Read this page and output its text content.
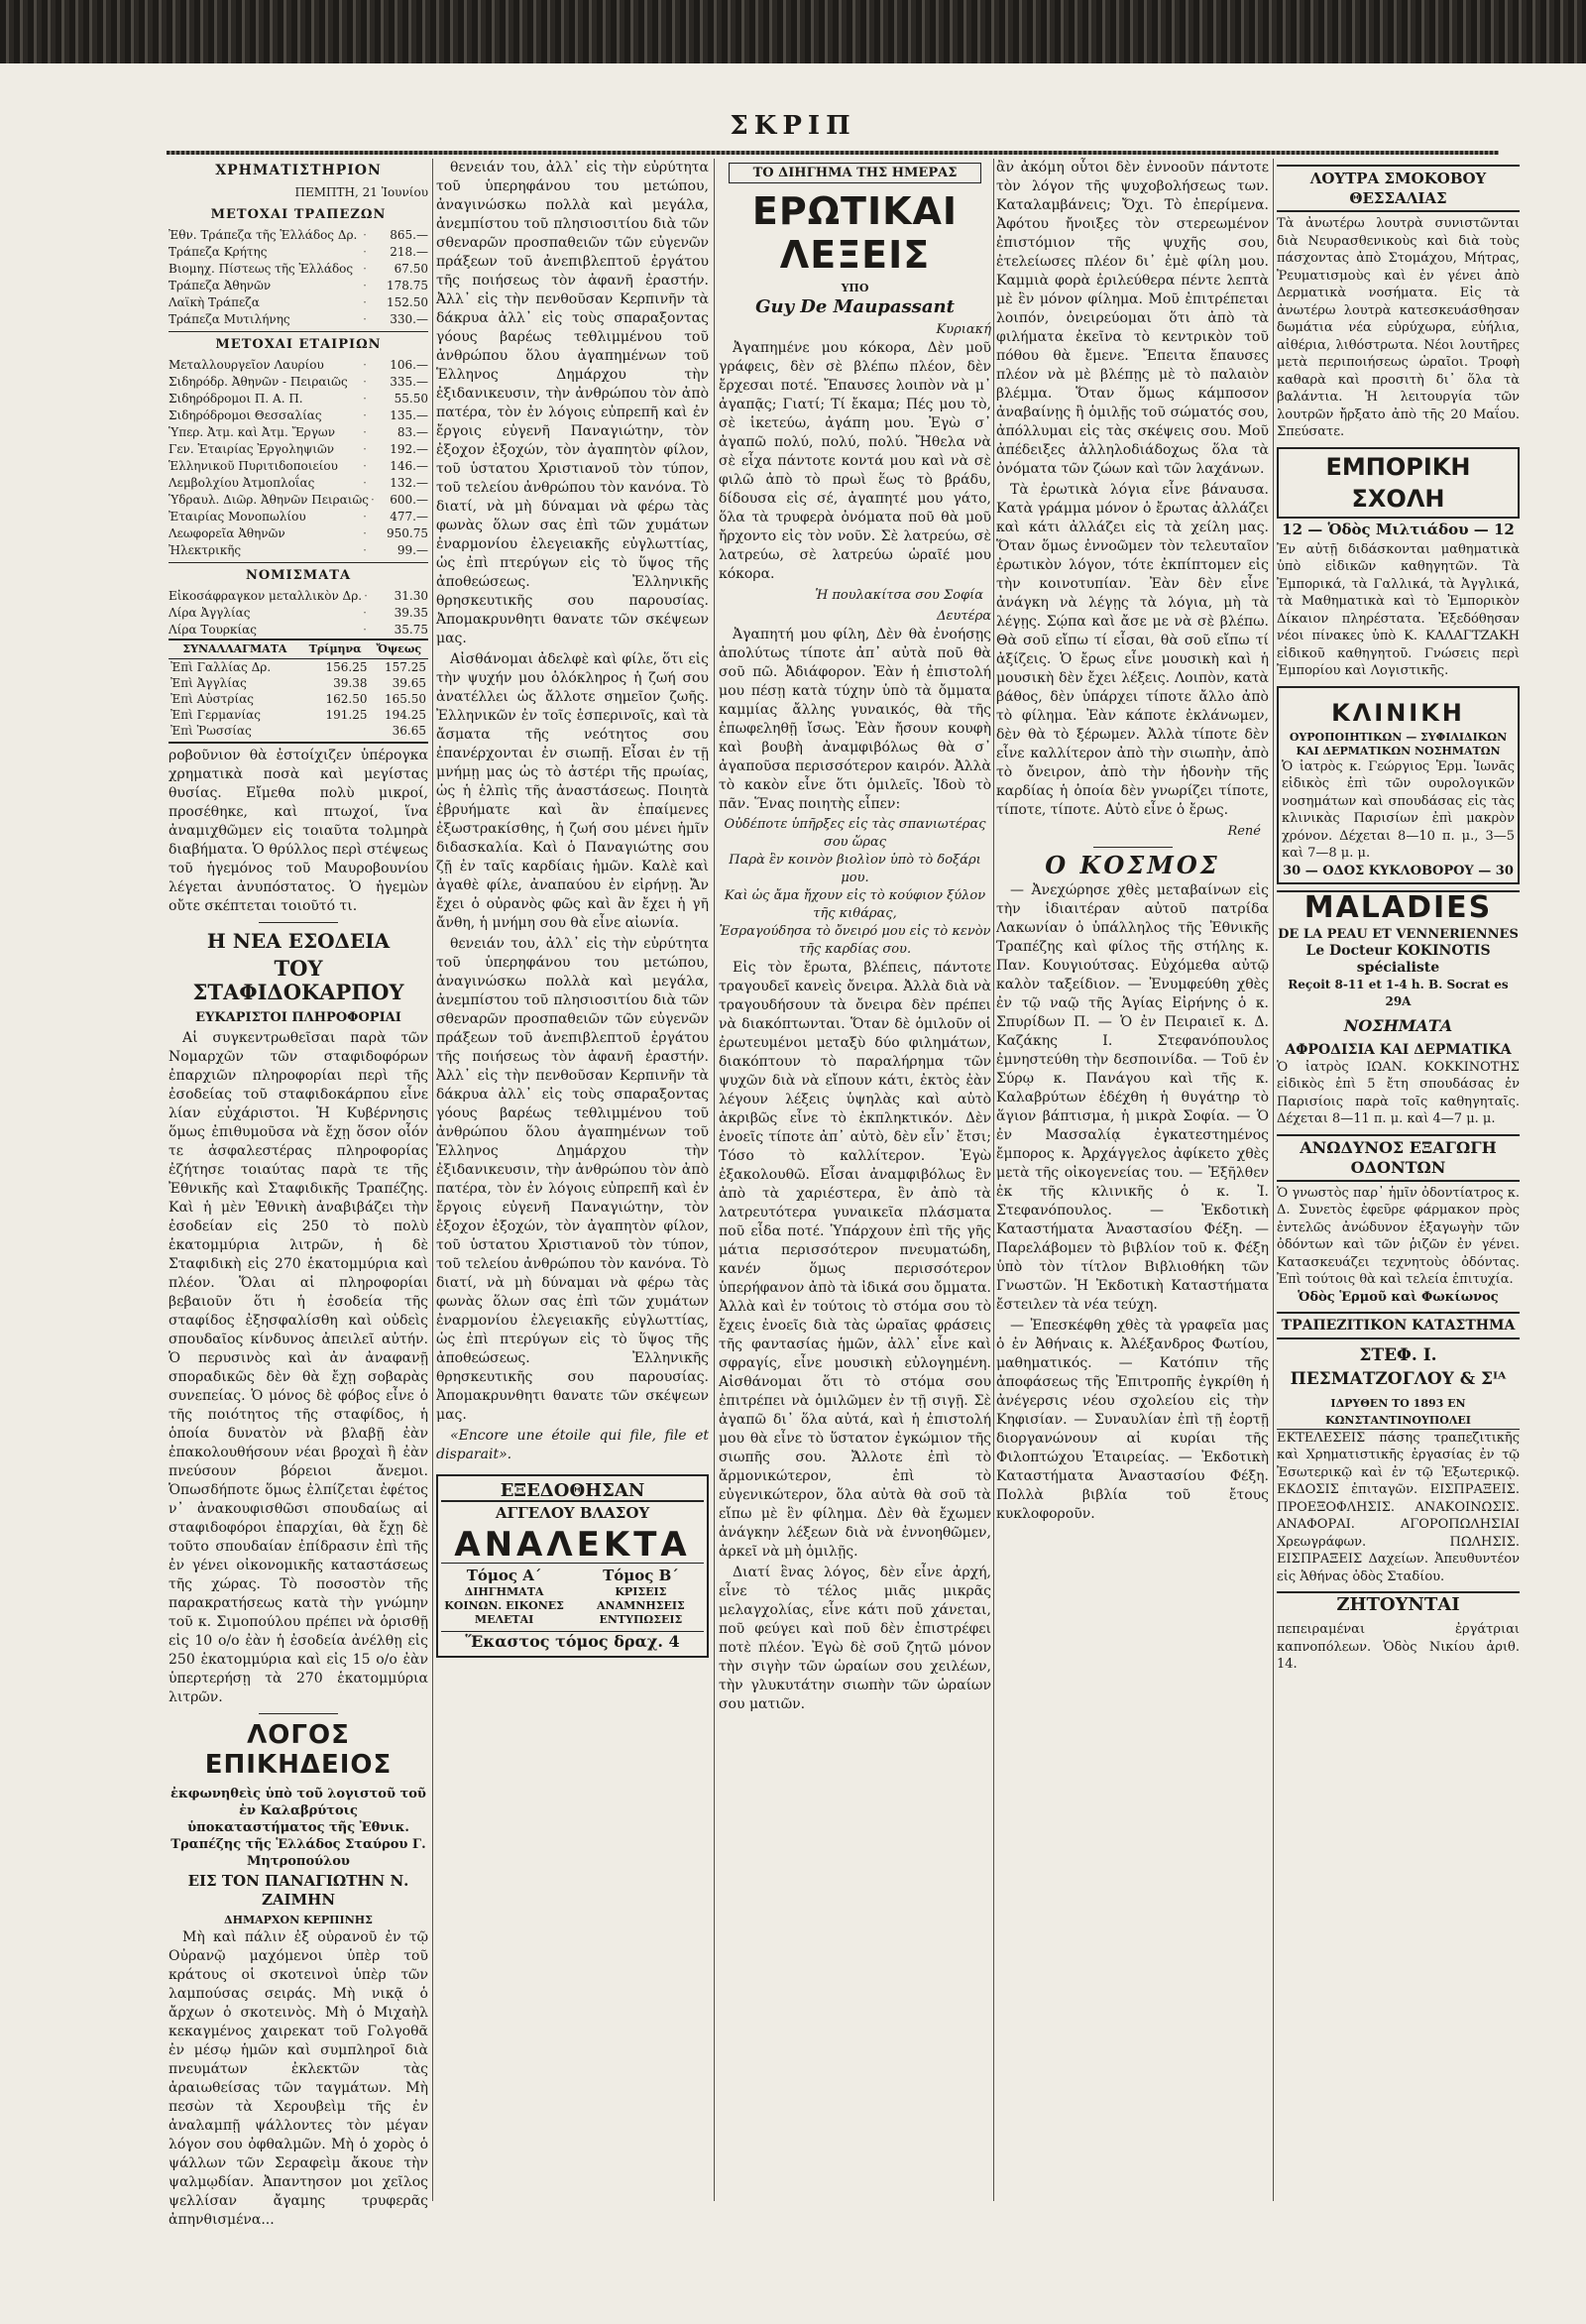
ΣΚΡΙΠ
ΧΡΗΜΑΤΙΣΤΗΡΙΟΝ
ΠΕΜΠΤΗ, 21 Ἰουνίου
ΜΕΤΟΧΑΙ ΤΡΑΠΕΖΩΝ
Ἐθν. Τράπεζα τῆς Ἑλλάδος Δρ. ·	865.—
Τράπεζα Κρήτης	·	218.—
Βιομηχ. Πίστεως τῆς Ἑλλάδος ·	67.50
Τράπεζα Ἀθηνῶν	·	178.75
Λαϊκὴ Τράπεζα	·	152.50
Τράπεζα Μυτιλήνης	·	330.—
ΜΕΤΟΧΑΙ ΕΤΑΙΡΙΩΝ
Μεταλλουργεῖον Λαυρίου	·	106.—
Σιδηρόδρ. Ἀθηνῶν - Πειραιῶς	·	335.—
Σιδηρόδρομοι Π. Α. Π.	·	55.50
Σιδηρόδρομοι Θεσσαλίας	·	135.—
Ὑπερ. Ἀτμ. καὶ Ἀτμ. Ἔργων	·	83.—
Γεν. Ἑταιρίας Ἐργοληψιῶν	·	192.—
Ἑλληνικοῦ Πυριτιδοποιείου	·	146.—
Λεμβολχίου Ἀτμοπλοΐας	·	132.—
Ὑδραυλ. Διῶρ. Ἀθηνῶν Πειραιῶς ·	600.—
Ἐταιρίας Μονοπωλίου	·	477.—
Λεωφορεῖα Ἀθηνῶν	·	950.75
Ἠλεκτρικῆς	·	99.—
ΝΟΜΙΣΜΑΤΑ
Εἰκοσάφραγκον μεταλλικὸν Δρ. ·	31.30
Λίρα Ἀγγλίας	·	39.35
Λίρα Τουρκίας	·	35.75
ΣΥΝΑΛΛΑΓΜΑΤΑ	Τρίμηνα	Ὄψεως
Ἐπὶ Γαλλίας Δρ.	156.25	157.25
Ἐπὶ Ἀγγλίας	39.38	39.65
Ἐπὶ Αὐστρίας	162.50	165.50
Ἐπὶ Γερμανίας	191.25	194.25
Ἐπὶ Ῥωσσίας		36.65
ροβοῦνιον θὰ ἐστοίχιζεν ὑπέρογκα χρηματικὰ ποσὰ καὶ μεγίστας θυσίας. Εἴμεθα πολὺ μικροί, προσέθηκε, καὶ πτωχοί, ἵνα ἀναμιχθῶμεν εἰς τοιαῦτα τολμηρὰ διαβήματα. Ὁ θρύλλος περὶ στέψεως τοῦ ἡγεμόνος τοῦ Μαυροβουνίου λέγεται ἀνυπόστατος. Ὁ ἡγεμὼν οὔτε σκέπτεται τοιοῦτό τι.
Η ΝΕΑ ΕΣΟΔΕΙΑ
ΤΟΥ ΣΤΑΦΙΔΟΚΑΡΠΟΥ
ΕΥΚΑΡΙΣΤΟΙ ΠΛΗΡΟΦΟΡΙΑΙ
Αἱ συγκεντρωθεῖσαι παρὰ τῶν Νομαρχῶν τῶν σταφιδοφόρων ἐπαρχιῶν πληροφορίαι περὶ τῆς ἐσοδείας τοῦ σταφιδοκάρπου εἶνε λίαν εὐχάριστοι. Ἡ Κυβέρνησις ὅμως ἐπιθυμοῦσα νὰ ἔχῃ ὅσον οἷόν τε ἀσφαλεστέρας πληροφορίας ἐζήτησε τοιαύτας παρὰ τε τῆς Ἐθνικῆς καὶ Σταφιδικῆς Τραπέζης. Καὶ ἡ μὲν Ἐθνικὴ ἀναβιβάζει τὴν ἐσοδείαν εἰς 250 τὸ πολὺ ἑκατομμύρια λιτρῶν, ἡ δὲ Σταφιδικὴ εἰς 270 ἑκατομμύρια καὶ πλέον. Ὅλαι αἱ πληροφορίαι βεβαιοῦν ὅτι ἡ ἐσοδεία τῆς σταφίδος ἐξησφαλίσθη καὶ οὐδεὶς σπουδαῖος κίνδυνος ἀπειλεῖ αὐτήν. Ὁ περυσινὸς καὶ ἀν ἀναφανῇ σποραδικῶς δὲν θὰ ἔχῃ σοβαρὰς συνεπείας. Ὁ μόνος δὲ φόβος εἶνε ὁ τῆς ποιότητος τῆς σταφίδος, ἡ ὁποία δυνατὸν νὰ βλαβῇ ἐὰν ἐπακολουθήσουν νέαι βροχαὶ ἢ ἐὰν πνεύσουν βόρειοι ἄνεμοι. Ὁπωσδήποτε ὅμως ἐλπίζεται ἐφέτος ν᾿ ἀνακουφισθῶσι σπουδαίως αἱ σταφιδοφόροι ἐπαρχίαι, θὰ ἔχῃ δὲ τοῦτο σπουδαίαν ἐπίδρασιν ἐπὶ τῆς ἐν γένει οἰκονομικῆς καταστάσεως τῆς χώρας. Τὸ ποσοστὸν τῆς παρακρατήσεως κατὰ τὴν γνώμην τοῦ κ. Σιμοπούλου πρέπει νὰ ὁρισθῇ εἰς 10 ο/ο ἐὰν ἡ ἐσοδεία ἀνέλθῃ εἰς 250 ἑκατομμύρια καὶ εἰς 15 ο/ο ἐὰν ὑπερτερήσῃ τὰ 270 ἑκατομμύρια λιτρῶν.
ΛΟΓΟΣ ΕΠΙΚΗΔΕΙΟΣ
ἐκφωνηθεὶς ὑπὸ τοῦ λογιστοῦ τοῦ ἐν Καλαβρύτοις ὑποκαταστήματος τῆς Ἐθνικ. Τραπέζης τῆς Ἑλλάδος Σταύρου Γ. Μητροπούλου
ΕΙΣ ΤΟΝ ΠΑΝΑΓΙΩΤΗΝ Ν. ΖΑΙΜΗΝ
ΔΗΜΑΡΧΟΝ ΚΕΡΠΙΝΗΣ
Μὴ καὶ πάλιν ἐξ οὐρανοῦ ἐν τῷ Οὐρανῷ μαχόμενοι ὑπὲρ τοῦ κράτους οἱ σκοτεινοὶ ὑπὲρ τῶν λαμπούσας σειράς. Μὴ νικᾷ ὁ ἄρχων ὁ σκοτεινὸς. Μὴ ὁ Μιχαὴλ κεκαγμένος χαιρεκατ τοῦ Γολγοθᾶ ἐν μέσῳ ἡμῶν καὶ συμπληροῖ διὰ πνευμάτων ἐκλεκτῶν τὰς ἀραιωθείσας τῶν ταγμάτων. Μὴ πεσὼν τὰ Χερουβεὶμ τῆς ἐν ἀναλαμπῇ ψάλλοντες τὸν μέγαν λόγον σου ὀφθαλμῶν. Μὴ ὁ χορὸς ὁ ψάλλων τῶν Σεραφεὶμ ἄκουε τὴν ψαλμῳδίαν. Ἀπαντησον μοι χεῖλος ψελλίσαν ἄγαμης τρυφερᾶς ἀπηνθισμένα...
θενειάν του, ἀλλ᾿ εἰς τὴν εὐρύτητα τοῦ ὑπερηφάνου του μετώπου, ἀναγινώσκω πολλὰ καὶ μεγάλα, ἀνεμπίστου τοῦ πλησιοσιτίου διὰ τῶν σθεναρῶν προσπαθειῶν τῶν εὐγενῶν πράξεων τοῦ ἀνεπιβλεπτοῦ ἐργάτου τῆς ποιήσεως τὸν ἀφανῆ ἐραστήν. Ἀλλ᾿ εἰς τὴν πενθοῦσαν Κερπινῆν τὰ δάκρυα ἀλλ᾿ εἰς τοὺς σπαραξοντας γόους βαρέως τεθλιμμένου τοῦ ἀνθρώπου ὅλου ἀγαπημένων τοῦ Ἑλληνος Δημάρχου τὴν ἐξιδανικευσιν, τὴν ἀνθρώπου τὸν ἀπὸ πατέρα, τὸν ἐν λόγοις εὐπρεπῆ καὶ ἐν ἔργοις εὐγενῆ Παναγιώτην, τὸν ἐξοχον ἐξοχών, τὸν ἀγαπητὸν φίλον, τοῦ ὑστατου Χριστιανοῦ τὸν τύπον, τοῦ τελείου ἀνθρώπου τὸν κανόνα. Τὸ διατί, νὰ μὴ δύναμαι νὰ φέρω τὰς φωνὰς ὅλων σας ἐπὶ τῶν χυμάτων ἐναρμονίου ἐλεγειακῆς εὐγλωττίας, ὡς ἐπὶ πτερύγων εἰς τὸ ὕψος τῆς ἀποθεώσεως. Ἐλληνικῆς θρησκευτικῆς σου παρουσίας. Ἀπομακρυνθητι θανατε τῶν σκέψεων μας.
Αἰσθάνομαι ἀδελφὲ καὶ φίλε, ὅτι εἰς τὴν ψυχήν μου ὁλόκληρος ἡ ζωή σου ἀνατέλλει ὡς ἄλλοτε σημεῖον ζωῆς. Ἐλληνικῶν ἐν τοῖς ἑσπερινοῖς, καὶ τὰ ἄσματα τῆς νεότητος σου ἐπανέρχονται ἐν σιωπῇ. Εἶσαι ἐν τῇ μνήμῃ μας ὡς τὸ ἀστέρι τῆς πρωίας, ὡς ἡ ἐλπὶς τῆς ἀναστάσεως. Ποιητὰ ἐβρυήματε καὶ ἂν ἐπαίμενες ἐξωστρακίσθης, ἡ ζωή σου μένει ἡμῖν διδασκαλία. Καὶ ὁ Παναγιώτης σου ζῇ ἐν ταῖς καρδίαις ἡμῶν. Καλὲ καὶ ἀγαθὲ φίλε, ἀναπαύου ἐν εἰρήνῃ. Ἄν ἔχει ὁ οὐρανὸς φῶς καὶ ἂν ἔχει ἡ γῆ ἄνθη, ἡ μνήμη σου θὰ εἶνε αἰωνία.
θενειάν του, ἀλλ᾿ εἰς τὴν εὐρύτητα τοῦ ὑπερηφάνου του μετώπου, ἀναγινώσκω πολλὰ καὶ μεγάλα, ἀνεμπίστου τοῦ πλησιοσιτίου διὰ τῶν σθεναρῶν προσπαθειῶν τῶν εὐγενῶν πράξεων τοῦ ἀνεπιβλεπτοῦ ἐργάτου τῆς ποιήσεως τὸν ἀφανῆ ἐραστήν. Ἀλλ᾿ εἰς τὴν πενθοῦσαν Κερπινῆν τὰ δάκρυα ἀλλ᾿ εἰς τοὺς σπαραξοντας γόους βαρέως τεθλιμμένου τοῦ ἀνθρώπου ὅλου ἀγαπημένων τοῦ Ἑλληνος Δημάρχου τὴν ἐξιδανικευσιν, τὴν ἀνθρώπου τὸν ἀπὸ πατέρα, τὸν ἐν λόγοις εὐπρεπῆ καὶ ἐν ἔργοις εὐγενῆ Παναγιώτην, τὸν ἐξοχον ἐξοχών, τὸν ἀγαπητὸν φίλον, τοῦ ὑστατου Χριστιανοῦ τὸν τύπον, τοῦ τελείου ἀνθρώπου τὸν κανόνα. Τὸ διατί, νὰ μὴ δύναμαι νὰ φέρω τὰς φωνὰς ὅλων σας ἐπὶ τῶν χυμάτων ἐναρμονίου ἐλεγειακῆς εὐγλωττίας, ὡς ἐπὶ πτερύγων εἰς τὸ ὕψος τῆς ἀποθεώσεως. Ἐλληνικῆς θρησκευτικῆς σου παρουσίας. Ἀπομακρυνθητι θανατε τῶν σκέψεων μας.
«Encore une étoile qui file, file et disparait».
ΕΞΕΔΟΘΗΣΑΝ
ΑΓΓΕΛΟΥ ΒΛΑΣΟΥ
ΑΝΑΛΕΚΤΑ
Τόμος Α΄
ΔΙΗΓΗΜΑΤΑ ΚΟΙΝΩΝ. ΕΙΚΟΝΕΣ ΜΕΛΕΤΑΙ
Τόμος Β΄
ΚΡΙΣΕΙΣ ΑΝΑΜΝΗΣΕΙΣ ΕΝΤΥΠΩΣΕΙΣ
Ἕκαστος τόμος δραχ. 4
ΤΟ ΔΙΗΓΗΜΑ ΤΗΣ ΗΜΕΡΑΣ
ΕΡΩΤΙΚΑΙ ΛΕΞΕΙΣ
ΥΠΟ
Guy De Maupassant
Κυριακή
Ἀγαπημένε μου κόκορα, Δὲν μοῦ γράφεις, δὲν σὲ βλέπω πλέον, δὲν ἔρχεσαι ποτέ. Ἔπαυσες λοιπὸν νὰ μ᾿ ἀγαπᾷς; Γιατί; Τί ἔκαμα; Πές μου τὸ, σὲ ἱκετεύω, ἀγάπη μου. Ἐγὼ σ᾿ ἀγαπῶ πολύ, πολύ, πολύ. Ἤθελα νὰ σὲ εἶχα πάντοτε κοντά μου καὶ νὰ σὲ φιλῶ ἀπὸ τὸ πρωὶ ἕως τὸ βράδυ, δίδουσα εἰς σέ, ἀγαπητέ μου γάτο, ὅλα τὰ τρυφερὰ ὀνόματα ποῦ θὰ μοῦ ἤρχοντο εἰς τὸν νοῦν. Σὲ λατρεύω, σὲ λατρεύω, σὲ λατρεύω ὡραῖέ μου κόκορα.
Ἡ πουλακίτσα σου Σοφία
Δευτέρα
Ἀγαπητή μου φίλη, Δὲν θὰ ἐνοήσῃς ἀπολύτως τίποτε ἀπ᾿ αὐτὰ ποῦ θὰ σοῦ πῶ. Ἀδιάφορον. Ἐὰν ἡ ἐπιστολή μου πέσῃ κατὰ τύχην ὑπὸ τὰ ὄμματα καμμίας ἄλλης γυναικός, θὰ τῆς ἐπωφεληθῇ ἴσως. Ἐὰν ἤσουν κουφὴ καὶ βουβὴ ἀναμφιβόλως θὰ σ᾿ ἀγαποῦσα περισσότερον καιρόν. Ἀλλὰ τὸ κακὸν εἶνε ὅτι ὁμιλεῖς. Ἰδοὺ τὸ πᾶν. Ἕνας ποιητὴς εἶπεν:
Οὐδέποτε ὑπῆρξες εἰς τὰς σπανιωτέρας σου ὥρας
Παρὰ ἓν κοινὸν βιολὶον ὑπὸ τὸ δοξάρι μου.
Καὶ ὡς ἄμα ἤχουν εἰς τὸ κούφιον ξύλον τῆς κιθάρας,
Ἐσραγούδησα τὸ ὄνειρό μου εἰς τὸ κενὸν τῆς καρδίας σου.
Εἰς τὸν ἔρωτα, βλέπεις, πάντοτε τραγουδεῖ κανεὶς ὄνειρα. Ἀλλὰ διὰ νὰ τραγουδήσουν τὰ ὄνειρα δὲν πρέπει νὰ διακόπτωνται. Ὅταν δὲ ὁμιλοῦν οἱ ἐρωτευμένοι μεταξὺ δύο φιλημάτων, διακόπτουν τὸ παραλήρημα τῶν ψυχῶν διὰ νὰ εἴπουν κάτι, ἐκτὸς ἐὰν λέγουν λέξεις ὑψηλὰς καὶ αὐτὸ ἀκριβῶς εἶνε τὸ ἐκπληκτικόν. Δὲν ἐνοεῖς τίποτε ἀπ᾿ αὐτὸ, δὲν εἶν᾿ ἔτσι; Τόσο τὸ καλλίτερον. Ἐγὼ ἐξακολουθῶ. Εἶσαι ἀναμφιβόλως ἓν ἀπὸ τὰ χαριέστερα, ἓν ἀπὸ τὰ λατρευτότερα γυναικεῖα πλάσματα ποῦ εἶδα ποτέ. Ὑπάρχουν ἐπὶ τῆς γῆς μάτια περισσότερον πνευματώδη, κανέν ὅμως περισσότερον ὑπερήφανον ἀπὸ τὰ ἰδικά σου ὄμματα. Ἀλλὰ καὶ ἐν τούτοις τὸ στόμα σου τὸ ἔχεις ἐνοεῖς διὰ τὰς ὡραῖας φράσεις τῆς φαντασίας ἡμῶν, ἀλλ᾿ εἶνε καὶ σφραγίς, εἶνε μουσικὴ εὐλογημένη. Αἰσθάνομαι ὅτι τὸ στόμα σου ἐπιτρέπει νὰ ὁμιλῶμεν ἐν τῇ σιγῇ. Σὲ ἀγαπῶ δι᾿ ὅλα αὐτά, καὶ ἡ ἐπιστολή μου θὰ εἶνε τὸ ὕστατον ἐγκώμιον τῆς σιωπῆς σου. Ἄλλοτε ἐπὶ τὸ ἄρμονικώτερον, ἐπὶ τὸ εὐγενικώτερον, ὅλα αὐτὰ θὰ σοῦ τὰ εἴπω μὲ ἓν φίλημα. Δὲν θὰ ἔχωμεν ἀνάγκην λέξεων διὰ νὰ ἐννοηθῶμεν, ἀρκεῖ νὰ μὴ ὁμιλῇς.
Διατί ἓνας λόγος, δὲν εἶνε ἀρχή, εἶνε τὸ τέλος μιᾶς μικρᾶς μελαγχολίας, εἶνε κάτι ποῦ χάνεται, ποῦ φεύγει καὶ ποῦ δὲν ἐπιστρέφει ποτὲ πλέον. Ἐγὼ δὲ σοῦ ζητῶ μόνον τὴν σιγὴν τῶν ὡραίων σου χειλέων, τὴν γλυκυτάτην σιωπὴν τῶν ὡραίων σου ματιῶν.
ἂν ἀκόμη οὗτοι δὲν ἐννοοῦν πάντοτε τὸν λόγον τῆς ψυχοβολήσεως των. Καταλαμβάνεις; Ὄχι. Τὸ ἐπερίμενα. Ἀφότου ἤνοιξες τὸν στερεωμένον ἐπιστόμιον τῆς ψυχῆς σου, ἐτελείωσες πλέον δι᾿ ἐμὲ φίλη μου. Καμμιὰ φορὰ ἐριλεύθερα πέντε λεπτὰ μὲ ἓν μόνον φίλημα. Μοῦ ἐπιτρέπεται λοιπόν, ὀνειρεύομαι ὅτι ἀπὸ τὰ φιλήματα ἐκεῖνα τὸ κεντρικὸν τοῦ πόθου θὰ ἔμενε. Ἔπειτα ἔπαυσες πλέον νὰ μὲ βλέπῃς μὲ τὸ παλαιὸν βλέμμα. Ὅταν ὅμως κάμποσον ἀναβαίνῃς ἢ ὁμιλῇς τοῦ σώματός σου, ἀπόλλυμαι εἰς τὰς σκέψεις σου. Μοῦ ἀπέδειξες ἀλληλοδιάδοχως ὅλα τὰ ὀνόματα τῶν ζώων καὶ τῶν λαχάνων.
Τὰ ἐρωτικὰ λόγια εἶνε βάναυσα. Κατὰ γράμμα μόνον ὁ ἔρωτας ἀλλάζει καὶ κάτι ἀλλάζει εἰς τὰ χείλη μας. Ὅταν ὅμως ἐννοῶμεν τὸν τελευταῖον ἐρωτικὸν λόγον, τότε ἐκπίπτομεν εἰς τὴν κοινοτυπίαν. Ἐὰν δὲν εἶνε ἀνάγκη νὰ λέγῃς τὰ λόγια, μὴ τὰ λέγῃς. Σῴπα καὶ ἄσε με νὰ σὲ βλέπω. Θὰ σοῦ εἴπω τί εἶσαι, θὰ σοῦ εἴπω τί ἀξίζεις. Ὁ ἔρως εἶνε μουσικὴ καὶ ἡ μουσικὴ δὲν ἔχει λέξεις. Λοιπὸν, κατὰ βάθος, δὲν ὑπάρχει τίποτε ἄλλο ἀπὸ τὸ φίλημα. Ἐὰν κάποτε ἐκλάνωμεν, δὲν θὰ τὸ ξέρωμεν. Ἀλλὰ τίποτε δὲν εἶνε καλλίτερον ἀπὸ τὴν σιωπὴν, ἀπὸ τὸ ὄνειρον, ἀπὸ τὴν ἡδονὴν τῆς καρδίας ἡ ὁποία δὲν γνωρίζει τίποτε, τίποτε, τίποτε. Αὐτὸ εἶνε ὁ ἔρως.
René
Ο ΚΟΣΜΟΣ
— Ἀνεχώρησε χθὲς μεταβαίνων εἰς τὴν ἰδιαιτέραν αὐτοῦ πατρίδα Λακωνίαν ὁ ὑπάλληλος τῆς Ἐθνικῆς Τραπέζης καὶ φίλος τῆς στήλης κ. Παν. Κουγιούτσας. Εὐχόμεθα αὐτῷ καλὸν ταξείδιον. — Ἐνυμφεύθη χθὲς ἐν τῷ ναῷ τῆς Ἁγίας Εἰρήνης ὁ κ. Σπυρίδων Π. — Ὁ ἐν Πειραιεῖ κ. Δ. Καζάκης Ι. Στεφανόπουλος ἐμνηστεύθη τὴν δεσποινίδα. — Τοῦ ἐν Σύρῳ κ. Πανάγου καὶ τῆς κ. Καλαβρύτων ἐδέχθη ἡ θυγάτηρ τὸ ἅγιον βάπτισμα, ἡ μικρὰ Σοφία. — Ὁ ἐν Μασσαλίᾳ ἐγκατεστημένος ἔμπορος κ. Ἀρχάγγελος ἀφίκετο χθὲς μετὰ τῆς οἰκογενείας του. — Ἐξῆλθεν ἐκ τῆς κλινικῆς ὁ κ. Ἰ. Στεφανόπουλος. — Ἐκδοτικὴ Καταστήματα Ἀναστασίου Φέξη. — Παρελάβομεν τὸ βιβλίον τοῦ κ. Φέξη ὑπὸ τὸν τίτλον Βιβλιοθήκη τῶν Γνωστῶν. Ἡ Ἐκδοτικὴ Καταστήματα ἔστειλεν τὰ νέα τεύχη.
— Ἐπεσκέφθη χθὲς τὰ γραφεῖα μας ὁ ἐν Ἀθήναις κ. Ἀλέξανδρος Φωτίου, μαθηματικός. — Κατόπιν τῆς ἀποφάσεως τῆς Ἐπιτροπῆς ἐγκρίθη ἡ ἀνέγερσις νέου σχολείου εἰς τὴν Κηφισίαν. — Συναυλίαν ἐπὶ τῇ ἑορτῇ διοργανώνουν αἱ κυρίαι τῆς Φιλοπτώχου Ἑταιρείας. — Ἐκδοτικὴ Καταστήματα Ἀναστασίου Φέξη. Πολλὰ βιβλία τοῦ ἔτους κυκλοφοροῦν.
ΛΟΥΤΡΑ ΣΜΟΚΟΒΟΥ ΘΕΣΣΑΛΙΑΣ
Τὰ ἀνωτέρω λουτρὰ συνιστῶνται διὰ Νευρασθενικοὺς καὶ διὰ τοὺς πάσχοντας ἀπὸ Στομάχου, Μήτρας, Ῥευματισμοὺς καὶ ἐν γένει ἀπὸ Δερματικὰ νοσήματα. Εἰς τὰ ἀνωτέρω λουτρὰ κατεσκευάσθησαν δωμάτια νέα εὐρύχωρα, εὐήλια, αἰθέρια, λιθόστρωτα. Νέοι λουτῆρες μετὰ περιποιήσεως ὡραῖοι. Τροφὴ καθαρὰ καὶ προσιτὴ δι᾿ ὅλα τὰ βαλάντια. Ἡ λειτουργία τῶν λουτρῶν ἤρξατο ἀπὸ τῆς 20 Μαΐου. Σπεύσατε.
ΕΜΠΟΡΙΚΗ ΣΧΟΛΗ
12 — Ὁδὸς Μιλτιάδου — 12
Ἐν αὐτῇ διδάσκονται μαθηματικὰ ὑπὸ εἰδικῶν καθηγητῶν. Τὰ Ἐμπορικά, τὰ Γαλλικά, τὰ Ἀγγλικά, τὰ Μαθηματικὰ καὶ τὸ Ἐμπορικὸν Δίκαιον πληρέστατα. Ἐξεδόθησαν νέοι πίνακες ὑπὸ Κ. ΚΑΛΑΓΤΖΑΚΗ εἰδικοῦ καθηγητοῦ. Γνώσεις περὶ Ἐμπορίου καὶ Λογιστικῆς.
ΚΛΙΝΙΚΗ
ΟΥΡΟΠΟΙΗΤΙΚΩΝ — ΣΥΦΙΛΙΔΙΚΩΝ ΚΑΙ ΔΕΡΜΑΤΙΚΩΝ ΝΟΣΗΜΑΤΩΝ
Ὁ ἰατρὸς κ. Γεώργιος Ἑρμ. Ἰωνᾶς εἰδικὸς ἐπὶ τῶν ουρολογικῶν νοσημάτων καὶ σπουδάσας εἰς τὰς κλινικὰς Παρισίων ἐπὶ μακρὸν χρόνον. Δέχεται 8—10 π. μ., 3—5 καὶ 7—8 μ. μ.
30 — ΟΔΟΣ ΚΥΚΛΟΒΟΡΟΥ — 30
MALADIES
DE LA PEAU ET VENNERIENNES
Le Docteur KOKINOTIS spécialiste
Reçoit 8-11 et 1-4 h. B. Socrat es 29A
ΝΟΣΗΜΑΤΑ
ΑΦΡΟΔΙΣΙΑ ΚΑΙ ΔΕΡΜΑΤΙΚΑ
Ὁ ἰατρὸς ΙΩΑΝ. ΚΟΚΚΙΝΟΤΗΣ εἰδικὸς ἐπὶ 5 ἔτη σπουδάσας ἐν Παρισίοις παρὰ τοῖς καθηγηταῖς. Δέχεται 8—11 π. μ. καὶ 4—7 μ. μ.
ΑΝΩΔΥΝΟΣ ΕΞΑΓΩΓΗ ΟΔΟΝΤΩΝ
Ὁ γνωστὸς παρ᾿ ἡμῖν ὀδοντίατρος κ. Δ. Συνετὸς ἐφεῦρε φάρμακον πρὸς ἐντελῶς ἀνώδυνον ἐξαγωγὴν τῶν ὀδόντων καὶ τῶν ῥιζῶν ἐν γένει. Κατασκευάζει τεχνητοὺς ὀδόντας. Ἐπὶ τούτοις θὰ καὶ τελεία ἐπιτυχία.
Ὁδὸς Ἑρμοῦ καὶ Φωκίωνος
ΤΡΑΠΕΖΙΤΙΚΟΝ ΚΑΤΑΣΤΗΜΑ
ΣΤΕΦ. Ι. ΠΕΣΜΑΤΖΟΓΛΟΥ & Σᴵᴬ
ΙΔΡΥΘΕΝ ΤΟ 1893 ΕΝ ΚΩΝΣΤΑΝΤΙΝΟΥΠΟΛΕΙ
ΕΚΤΕΛΕΣΕΙΣ πάσης τραπεζιτικῆς καὶ Χρηματιστικῆς ἐργασίας ἐν τῷ Ἐσωτερικῷ καὶ ἐν τῷ Ἐξωτερικῷ. ΕΚΔΟΣΙΣ ἐπιταγῶν. ΕΙΣΠΡΑΞΕΙΣ. ΠΡΟΕΞΟΦΛΗΣΙΣ. ΑΝΑΚΟΙΝΩΣΙΣ. ΑΝΑΦΟΡΑΙ. ΑΓΟΡΟΠΩΛΗΣΙΑΙ Χρεωγράφων. ΠΩΛΗΣΙΣ. ΕΙΣΠΡΑΞΕΙΣ Δαχείων. Ἀπευθυντέον εἰς Ἀθήνας ὁδὸς Σταδίου.
ΖΗΤΟΥΝΤΑΙ
πεπειραμέναι ἐργάτριαι καπνοπόλεων. Ὁδὸς Νικίου ἀριθ. 14.
